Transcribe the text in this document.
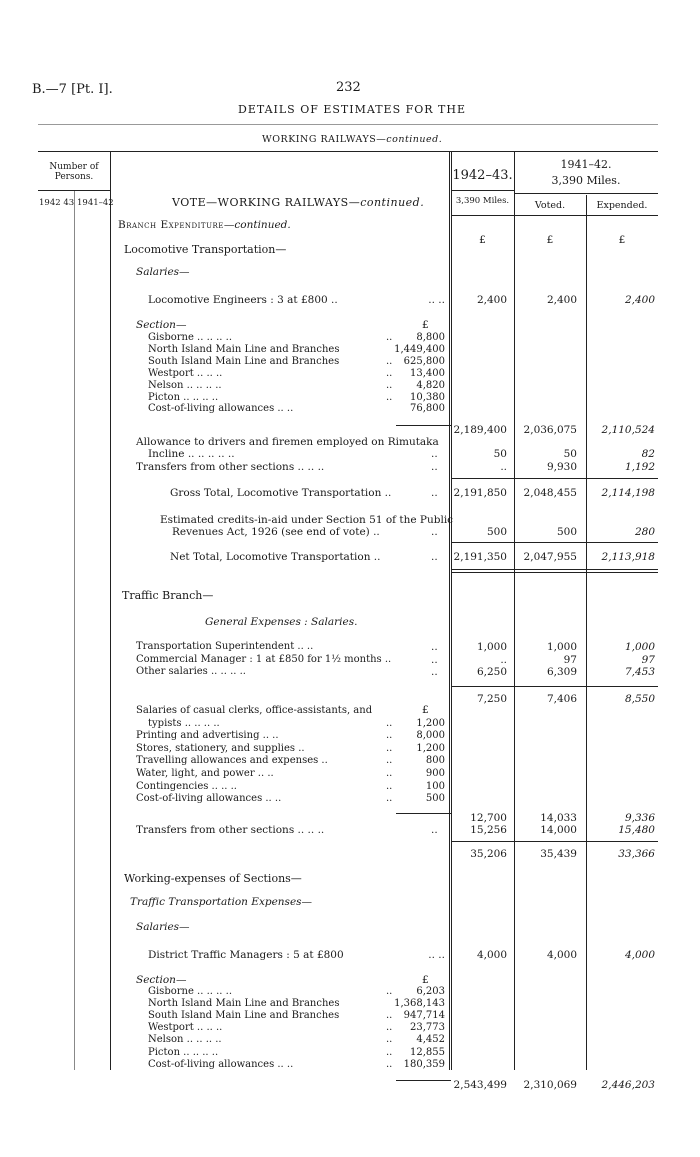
B.—7 [Pt. I].	232
DETAILS OF ESTIMATES FOR THE
WORKING RAILWAYS—continued.
Number of Persons.
1942 43 1941–42	VOTE—WORKING RAILWAYS—continued.
1942–43.
3,390 Miles.
1941–42.
3,390 Miles.
Voted.	Expended.
Branch Expenditure—continued.
£	£	£
Locomotive Transportation—
Salaries—
Locomotive Engineers : 3 at £800 ..	.. ..	2,400	2,400	2,400
Section—	£
Gisborne .. .. .. ..	..	8,800
North Island Main Line and Branches	1,449,400
South Island Main Line and Branches	..	625,800
Westport .. .. ..	..	13,400
Nelson .. .. .. ..	..	4,820
Picton .. .. .. ..	..	10,380
Cost-of-living allowances .. ..	76,800
2,189,400	2,036,075	2,110,524
Allowance to drivers and firemen employed on Rimutaka
Incline .. .. .. .. ..	..	50	50	82
Transfers from other sections .. .. ..	..	..	9,930	1,192
Gross Total, Locomotive Transportation ..	.. 2,191,850	2,048,455	2,114,198
Estimated credits-in-aid under Section 51 of the Public
Revenues Act, 1926 (see end of vote) ..	..	500	500	280
Net Total, Locomotive Transportation ..	.. 2,191,350	2,047,955	2,113,918
Traffic Branch—
General Expenses : Salaries.
Transportation Superintendent .. ..	..	1,000	1,000	1,000
Commercial Manager : 1 at £850 for 1½ months ..	..	..	97	97
Other salaries .. .. .. ..	..	6,250	6,309	7,453
7,250	7,406	8,550
£
Salaries of casual clerks, office-assistants, and
typists .. .. .. ..	..	1,200
Printing and advertising .. ..	..	8,000
Stores, stationery, and supplies ..	..	1,200
Travelling allowances and expenses ..	..	800
Water, light, and power .. ..	..	900
Contingencies .. .. ..	..	100
Cost-of-living allowances .. ..	..	500
12,700	14,033	9,336
Transfers from other sections .. .. ..	..	15,256	14,000	15,480
35,206	35,439	33,366
Working-expenses of Sections—
Traffic Transportation Expenses—
Salaries—
District Traffic Managers : 5 at £800	.. ..	4,000	4,000	4,000
Section—	£
Gisborne .. .. .. ..	..	6,203
North Island Main Line and Branches	1,368,143
South Island Main Line and Branches	..	947,714
Westport .. .. ..	..	23,773
Nelson .. .. .. ..	..	4,452
Picton .. .. .. ..	..	12,855
Cost-of-living allowances .. ..	..	180,359
2,543,499	2,310,069	2,446,203
